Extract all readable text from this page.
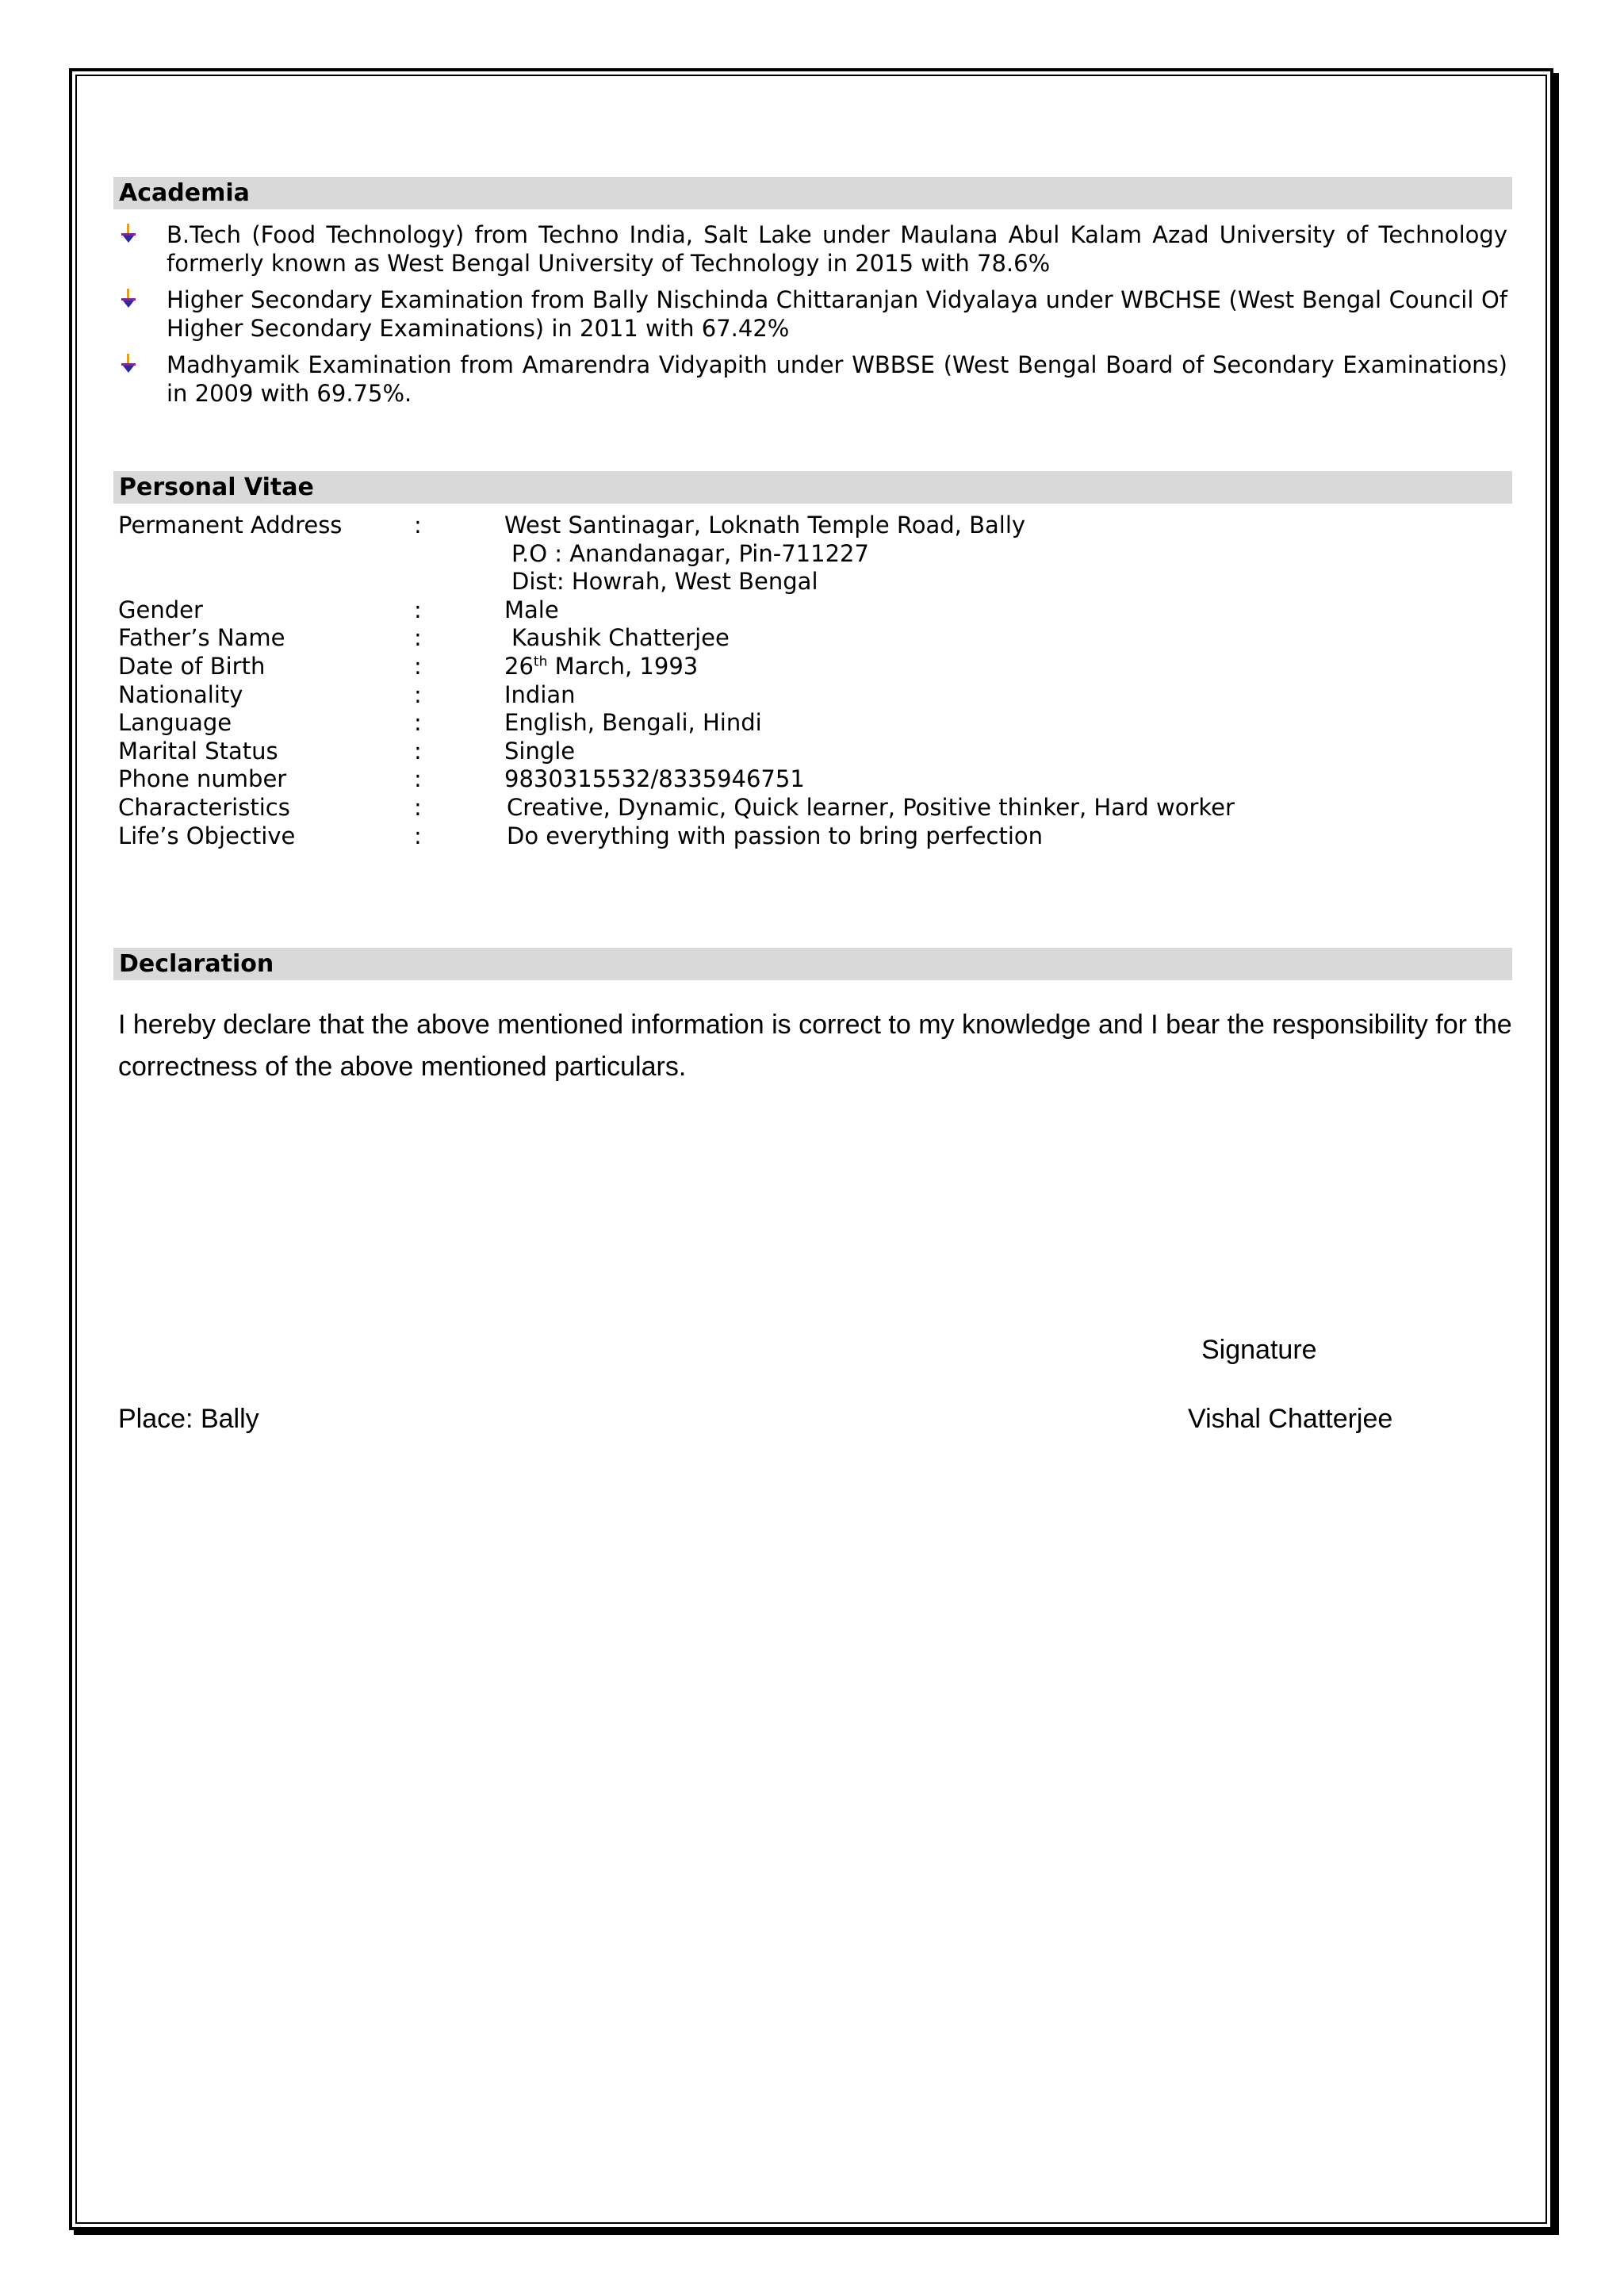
Academia
B.Tech (Food Technology) from Techno India, Salt Lake under Maulana Abul Kalam Azad University of Technology formerly known as West Bengal University of Technology in 2015 with 78.6%
Higher Secondary Examination from Bally Nischinda Chittaranjan Vidyalaya under WBCHSE (West Bengal Council Of Higher Secondary Examinations) in 2011 with 67.42%
Madhyamik Examination from Amarendra Vidyapith under WBBSE (West Bengal Board of Secondary Examinations) in 2009 with 69.75%.
Personal Vitae
Permanent Address	:	West Santinagar, Loknath Temple Road, Bally
P.O : Anandanagar, Pin-711227
Dist: Howrah, West Bengal
Gender	:	Male
Father’s Name	:	Kaushik Chatterjee
Date of Birth	:	26th March, 1993
Nationality	:	Indian
Language	:	English, Bengali, Hindi
Marital Status	:	Single
Phone number	:	9830315532/8335946751
Characteristics	:	Creative, Dynamic, Quick learner, Positive thinker, Hard worker
Life’s Objective	:	Do everything with passion to bring perfection
Declaration
I hereby declare that the above mentioned information is correct to my knowledge and I bear the responsibility for the correctness of the above mentioned particulars.
Signature
Place: Bally	Vishal Chatterjee
